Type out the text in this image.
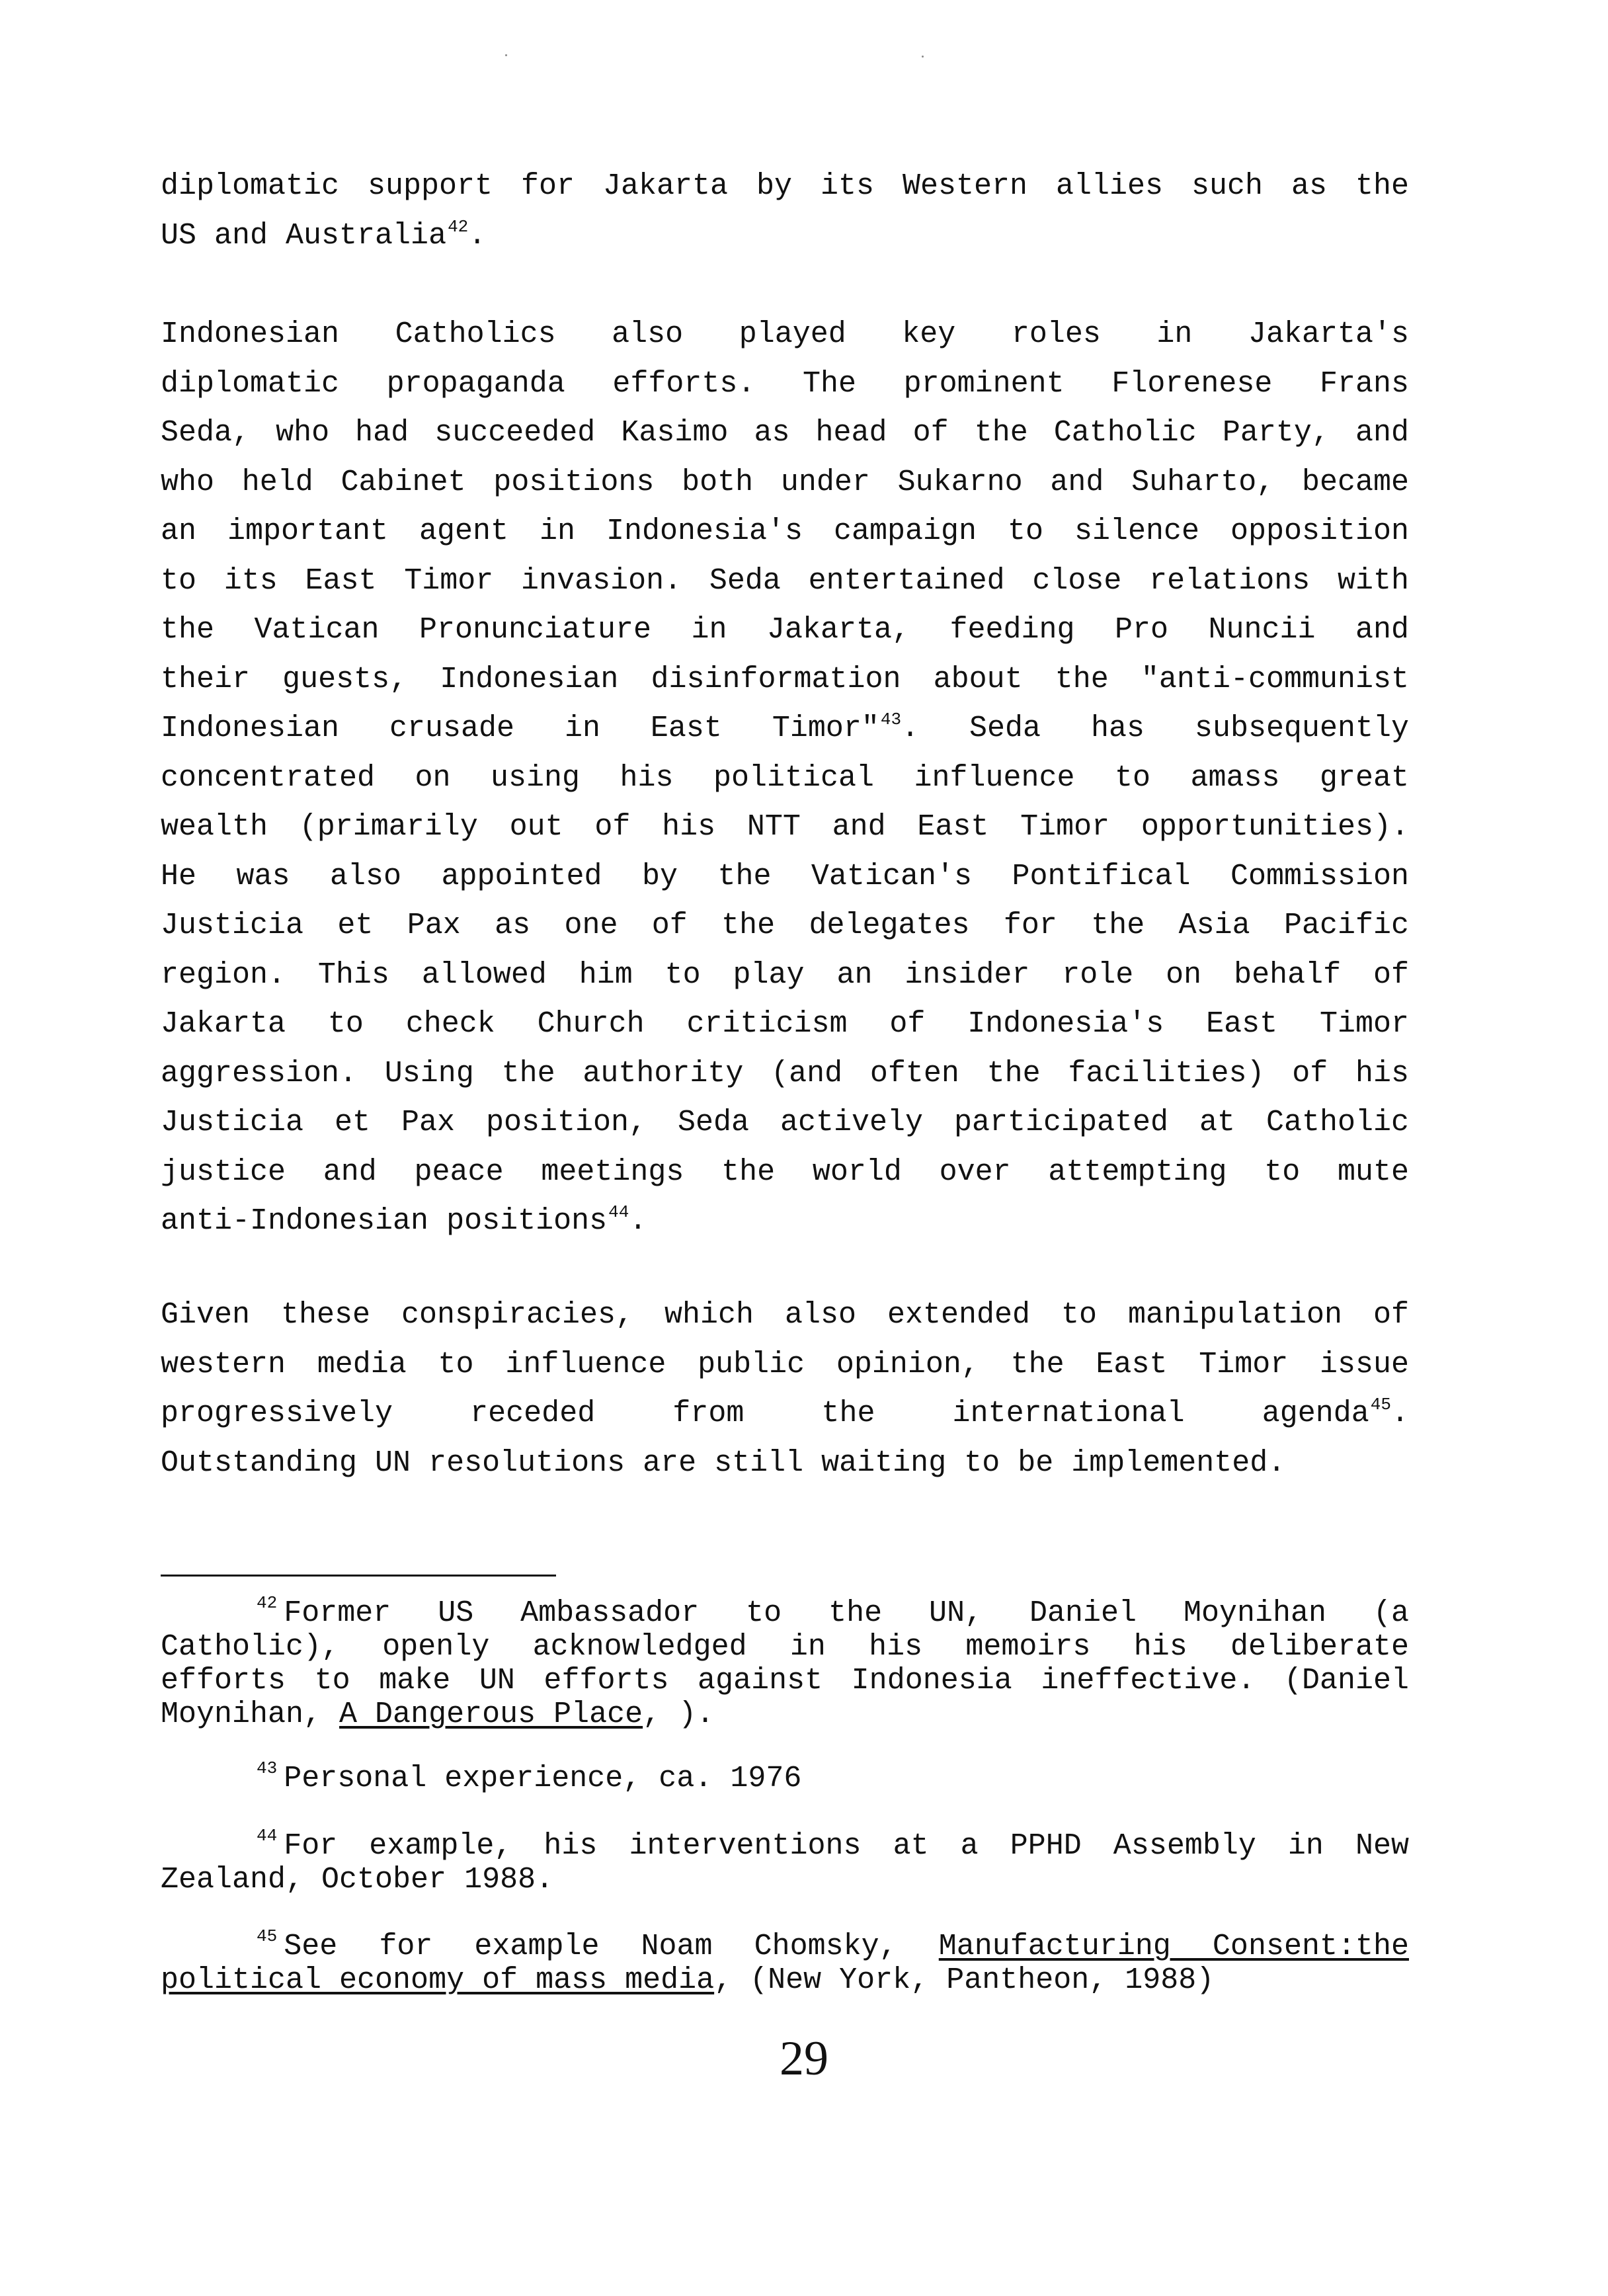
diplomatic support for Jakarta by its Western allies such as the
US and Australia$^{42}$.
Indonesian Catholics also played key roles in Jakarta's
diplomatic propaganda efforts. The prominent Florenese Frans
Seda, who had succeeded Kasimo as head of the Catholic Party, and
who held Cabinet positions both under Sukarno and Suharto, became
an important agent in Indonesia's campaign to silence opposition
to its East Timor invasion. Seda entertained close relations with
the Vatican Pronunciature in Jakarta, feeding Pro Nuncii and
their guests, Indonesian disinformation about the "anti-communist
Indonesian crusade in East Timor"$^{43}$. Seda has subsequently
concentrated on using his political influence to amass great
wealth (primarily out of his NTT and East Timor opportunities).
He was also appointed by the Vatican's Pontifical Commission
Justicia et Pax as one of the delegates for the Asia Pacific
region. This allowed him to play an insider role on behalf of
Jakarta to check Church criticism of Indonesia's East Timor
aggression. Using the authority (and often the facilities) of his
Justicia et Pax position, Seda actively participated at Catholic
justice and peace meetings the world over attempting to mute
anti-Indonesian positions$^{44}$.
Given these conspiracies, which also extended to manipulation of
western media to influence public opinion, the East Timor issue
progressively receded from the international agenda$^{45}$.
Outstanding UN resolutions are still waiting to be implemented.
$^{42}$ Former US Ambassador to the UN, Daniel Moynihan (a
Catholic), openly acknowledged in his memoirs his deliberate
efforts to make UN efforts against Indonesia ineffective. (Daniel
Moynihan, A Dangerous Place, ).
$^{43}$ Personal experience, ca. 1976
$^{44}$ For example, his interventions at a PPHD Assembly in New
Zealand, October 1988.
$^{45}$ See for example Noam Chomsky, Manufacturing Consent:the
political economy of mass media, (New York, Pantheon, 1988)
29
